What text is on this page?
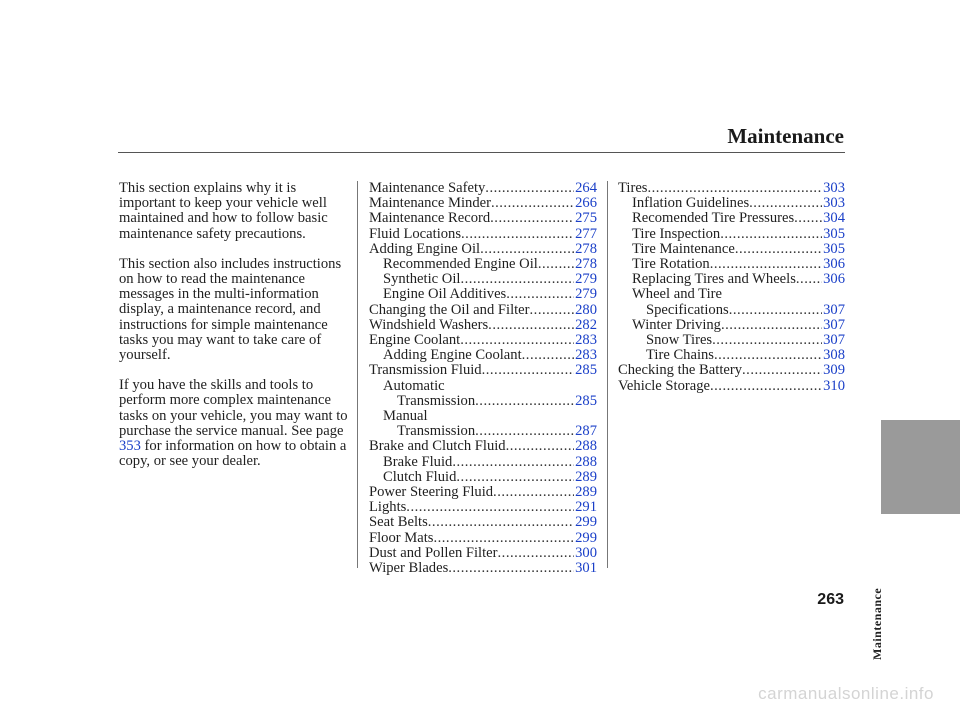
Maintenance

This section explains why it is important to keep your vehicle well maintained and how to follow basic maintenance safety precautions.

This section also includes instructions on how to read the maintenance messages in the multi-information display, a maintenance record, and instructions for simple maintenance tasks you may want to take care of yourself.

If you have the skills and tools to perform more complex maintenance tasks on your vehicle, you may want to purchase the service manual. See page 353 for information on how to obtain a copy, or see your dealer.

Maintenance Safety .....	264
Maintenance Minder .....	266
Maintenance Record .....	275
Fluid Locations .....	277
Adding Engine Oil .....	278
Recommended Engine Oil .....	278
Synthetic Oil .....	279
Engine Oil Additives .....	279
Changing the Oil and Filter .....	280
Windshield Washers .....	282
Engine Coolant .....	283
Adding Engine Coolant .....	283
Transmission Fluid .....	285
Automatic
Transmission .....	285
Manual
Transmission .....	287
Brake and Clutch Fluid .....	288
Brake Fluid .....	288
Clutch Fluid .....	289
Power Steering Fluid .....	289
Lights .....	291
Seat Belts .....	299
Floor Mats .....	299
Dust and Pollen Filter .....	300
Wiper Blades .....	301
Tires .....	303
Inflation Guidelines .....	303
Recomended Tire Pressures ..... 304
Tire Inspection .....	305
Tire Maintenance .....	305
Tire Rotation .....	306
Replacing Tires and Wheels ..... 306
Wheel and Tire
Specifications .....	307
Winter Driving .....	307
Snow Tires .....	307
Tire Chains .....	308
Checking the Battery .....	309
Vehicle Storage .....	310
Maintenance
263
carmanualsonline.info
